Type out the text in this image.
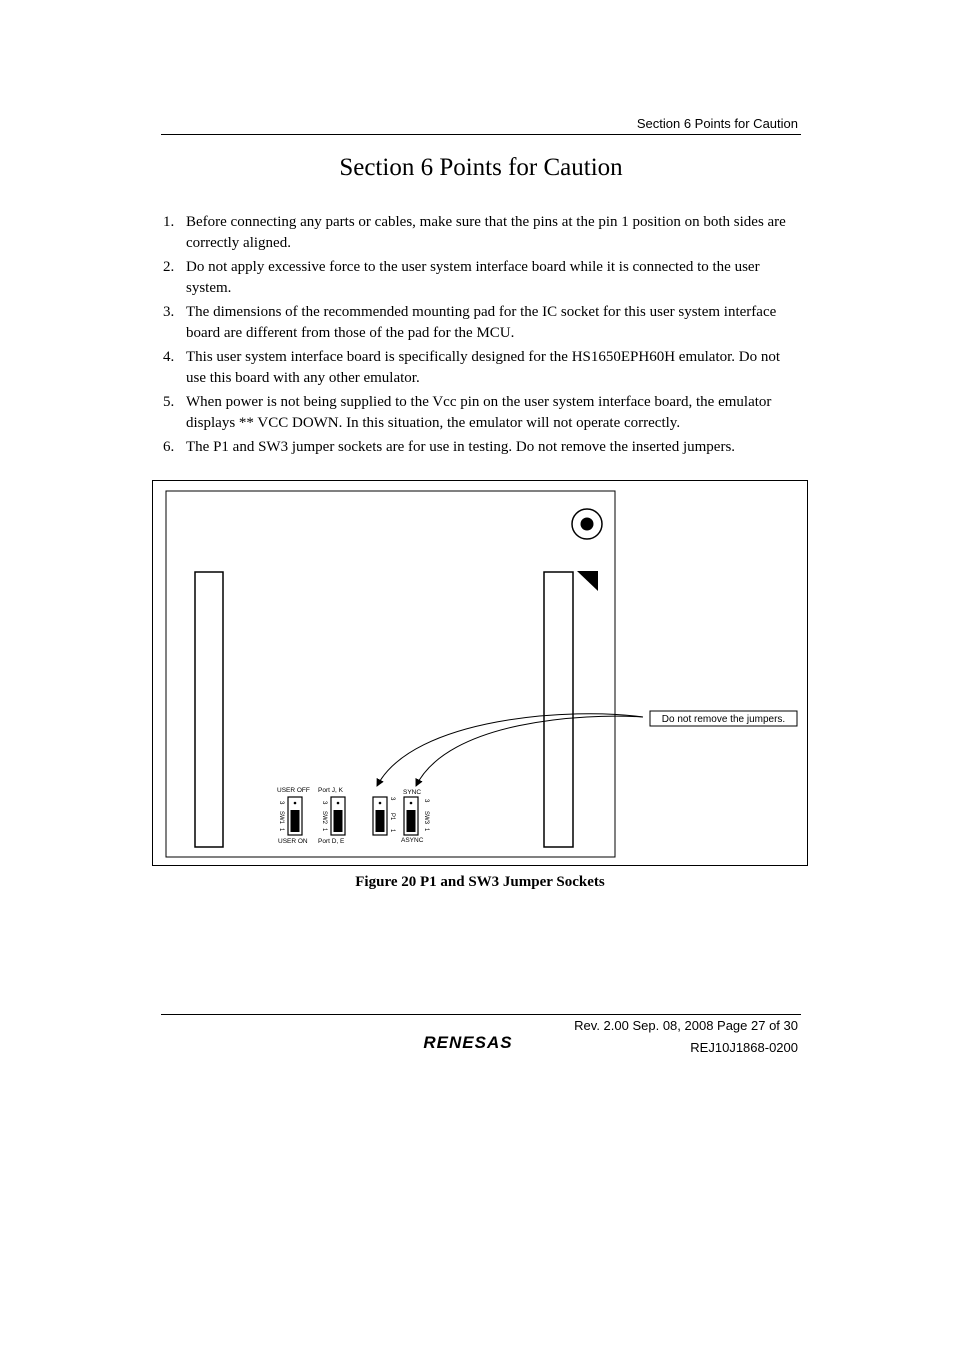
Section 6 Points for Caution
Section 6 Points for Caution
1. Before connecting any parts or cables, make sure that the pins at the pin 1 position on both sides are correctly aligned.
2. Do not apply excessive force to the user system interface board while it is connected to the user system.
3. The dimensions of the recommended mounting pad for the IC socket for this user system interface board are different from those of the pad for the MCU.
4. This user system interface board is specifically designed for the HS1650EPH60H emulator. Do not use this board with any other emulator.
5. When power is not being supplied to the Vcc pin on the user system interface board, the emulator displays ** VCC DOWN. In this situation, the emulator will not operate correctly.
6. The P1 and SW3 jumper sockets are for use in testing. Do not remove the inserted jumpers.
USER OFF
3
SW1
1
USER ON
Port J, K
3
SW2
1
Port D, E
3
P1
1
SYNC
3
SW3
1
ASYNC
Do not remove the jumpers.
Figure 20 P1 and SW3 Jumper Sockets
Rev. 2.00 Sep. 08, 2008 Page 27 of 30
REJ10J1868-0200
RENESAS
